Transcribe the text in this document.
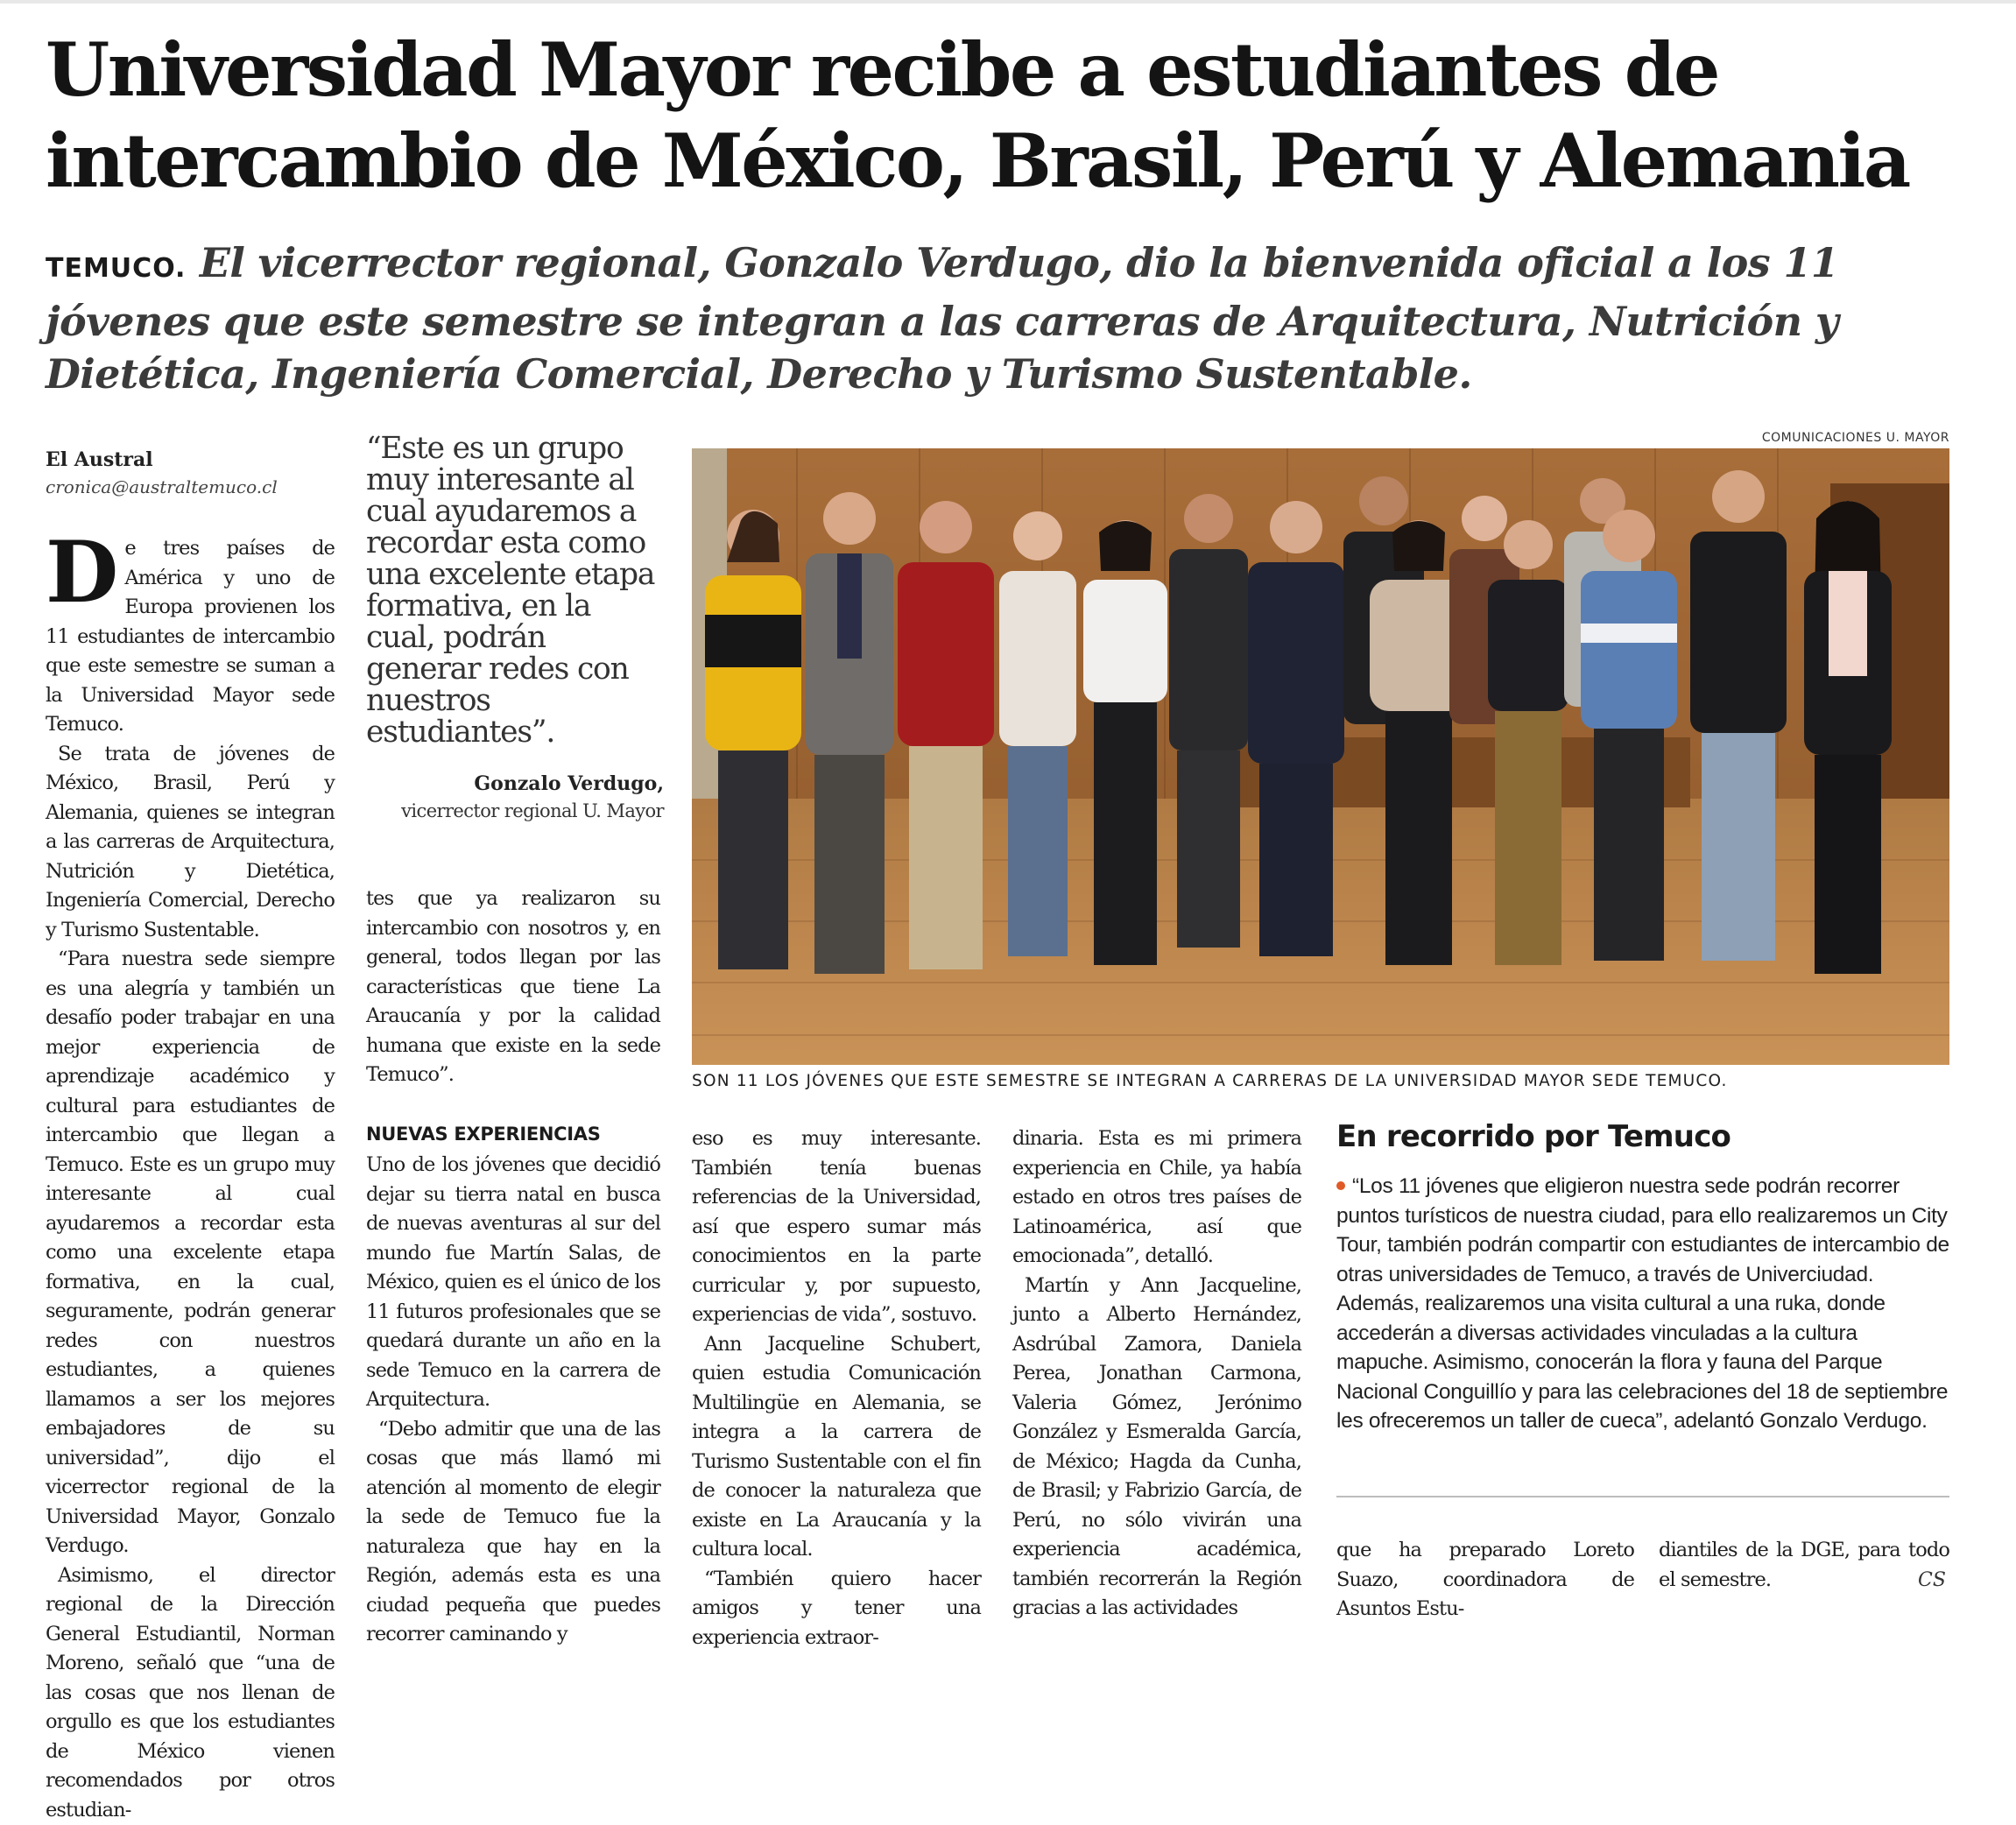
Universidad Mayor recibe a estudiantes de
intercambio de México, Brasil, Perú y Alemania
TEMUCO. El vicerrector regional, Gonzalo Verdugo, dio la bienvenida oficial a los 11 jóvenes que este semestre se integran a las carreras de Arquitectura, Nutrición y Dietética, Ingeniería Comercial, Derecho y Turismo Sustentable.
El Austral
cronica@australtemuco.cl

De tres países de América y uno de Europa provienen los 11 estudiantes de intercambio que este semestre se suman a la Universidad Mayor sede Temuco.

Se trata de jóvenes de México, Brasil, Perú y Alemania, quienes se integran a las carreras de Arquitectura, Nutrición y Dietética, Ingeniería Comercial, Derecho y Turismo Sustentable.

“Para nuestra sede siempre es una alegría y también un desafío poder trabajar en una mejor experiencia de aprendizaje académico y cultural para estudiantes de intercambio que llegan a Temuco. Este es un grupo muy interesante al cual ayudaremos a recordar esta como una excelente etapa formativa, en la cual, seguramente, podrán generar redes con nuestros estudiantes, a quienes llamamos a ser los mejores embajadores de su universidad”, dijo el vicerrector regional de la Universidad Mayor, Gonzalo Verdugo.

Asimismo, el director regional de la Dirección General Estudiantil, Norman Moreno, señaló que “una de las cosas que nos llenan de orgullo es que los estudiantes de México vienen recomendados por otros estudian-

“Este es un grupo muy interesante al cual ayudaremos a recordar esta como una excelente etapa formativa, en la cual, podrán generar redes con nuestros estudiantes”.
Gonzalo Verdugo,
vicerrector regional U. Mayor

tes que ya realizaron su intercambio con nosotros y, en general, todos llegan por las características que tiene La Araucanía y por la calidad humana que existe en la sede Temuco”.

NUEVAS EXPERIENCIAS

Uno de los jóvenes que decidió dejar su tierra natal en busca de nuevas aventuras al sur del mundo fue Martín Salas, de México, quien es el único de los 11 futuros profesionales que se quedará durante un año en la sede Temuco en la carrera de Arquitectura.

“Debo admitir que una de las cosas que más llamó mi atención al momento de elegir la sede de Temuco fue la naturaleza que hay en la Región, además esta es una ciudad pequeña que puedes recorrer caminando y

COMUNICACIONES U. MAYOR
SON 11 LOS JÓVENES QUE ESTE SEMESTRE SE INTEGRAN A CARRERAS DE LA UNIVERSIDAD MAYOR SEDE TEMUCO.

eso es muy interesante. También tenía buenas referencias de la Universidad, así que espero sumar más conocimientos en la parte curricular y, por supuesto, experiencias de vida”, sostuvo.

Ann Jacqueline Schubert, quien estudia Comunicación Multilingüe en Alemania, se integra a la carrera de Turismo Sustentable con el fin de conocer la naturaleza que existe en La Araucanía y la cultura local.

“También quiero hacer amigos y tener una experiencia extraor-

dinaria. Esta es mi primera experiencia en Chile, ya había estado en otros tres países de Latinoamérica, así que emocionada”, detalló.

Martín y Ann Jacqueline, junto a Alberto Hernández, Asdrúbal Zamora, Daniela Perea, Jonathan Carmona, Valeria Gómez, Jerónimo González y Esmeralda García, de México; Hagda da Cunha, de Brasil; y Fabrizio García, de Perú, no sólo vivirán una experiencia académica, también recorrerán la Región gracias a las actividades

En recorrido por Temuco
“Los 11 jóvenes que eligieron nuestra sede podrán recorrer puntos turísticos de nuestra ciudad, para ello realizaremos un City Tour, también podrán compartir con estudiantes de intercambio de otras universidades de Temuco, a través de Univerciudad. Además, realizaremos una visita cultural a una ruka, donde accederán a diversas actividades vinculadas a la cultura mapuche. Asimismo, conocerán la flora y fauna del Parque Nacional Conguillío y para las celebraciones del 18 de septiembre les ofreceremos un taller de cueca”, adelantó Gonzalo Verdugo.

que ha preparado Loreto Suazo, coordinadora de Asuntos Estu-

diantiles de la DGE, para todo el semestre.	CS
